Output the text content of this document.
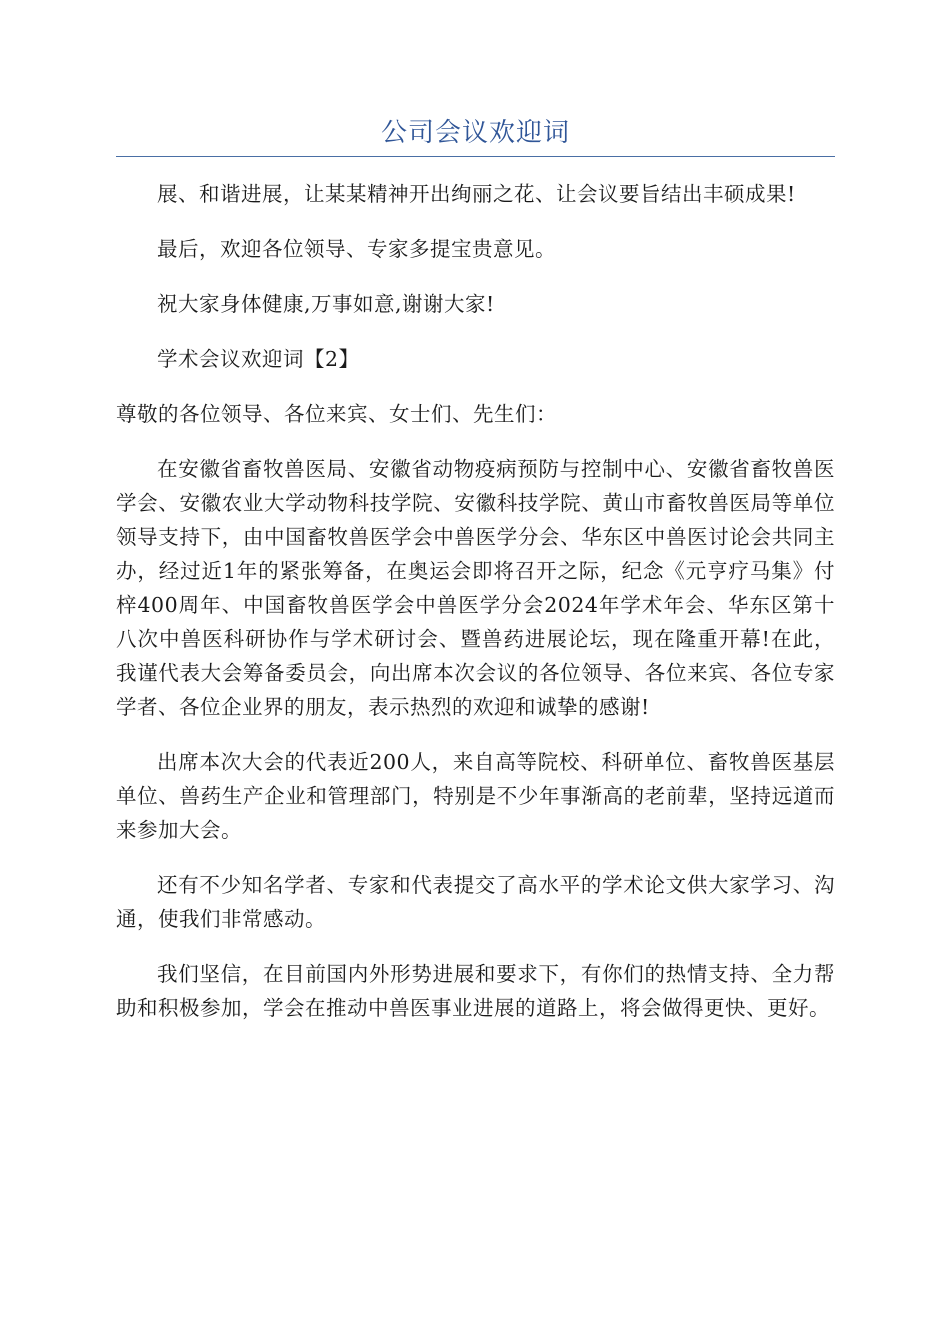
公司会议欢迎词

展、和谐进展，让某某精神开出绚丽之花、让会议要旨结出丰硕成果!

最后，欢迎各位领导、专家多提宝贵意见。

祝大家身体健康,万事如意,谢谢大家!

学术会议欢迎词【2】

尊敬的各位领导、各位来宾、女士们、先生们：

在安徽省畜牧兽医局、安徽省动物疫病预防与控制中心、安徽省畜牧兽医学会、安徽农业大学动物科技学院、安徽科技学院、黄山市畜牧兽医局等单位领导支持下，由中国畜牧兽医学会中兽医学分会、华东区中兽医讨论会共同主办，经过近1年的紧张筹备，在奥运会即将召开之际，纪念《元亨疗马集》付梓400周年、中国畜牧兽医学会中兽医学分会2024年学术年会、华东区第十八次中兽医科研协作与学术研讨会、暨兽药进展论坛，现在隆重开幕!在此，我谨代表大会筹备委员会，向出席本次会议的各位领导、各位来宾、各位专家学者、各位企业界的朋友，表示热烈的欢迎和诚挚的感谢!

出席本次大会的代表近200人，来自高等院校、科研单位、畜牧兽医基层单位、兽药生产企业和管理部门，特别是不少年事渐高的老前辈，坚持远道而来参加大会。

还有不少知名学者、专家和代表提交了高水平的学术论文供大家学习、沟通，使我们非常感动。

我们坚信，在目前国内外形势进展和要求下，有你们的热情支持、全力帮助和积极参加，学会在推动中兽医事业进展的道路上，将会做得更快、更好。
